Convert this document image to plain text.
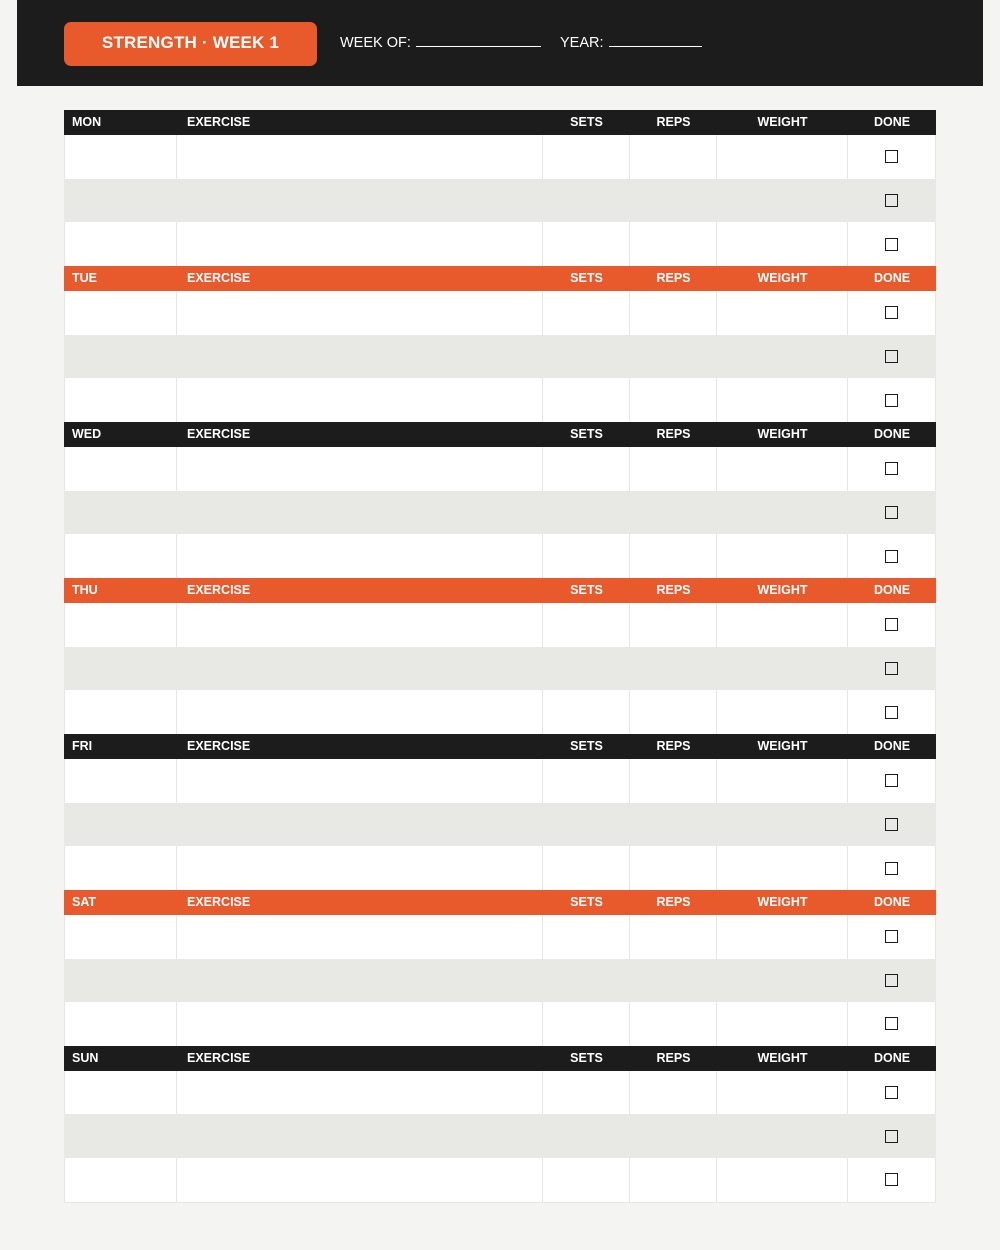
STRENGTH · WEEK 1	WEEK OF:	YEAR:
MON	EXERCISE	SETS	REPS	WEIGHT	DONE
TUE	EXERCISE	SETS	REPS	WEIGHT	DONE
WED	EXERCISE	SETS	REPS	WEIGHT	DONE
THU	EXERCISE	SETS	REPS	WEIGHT	DONE
FRI	EXERCISE	SETS	REPS	WEIGHT	DONE
SAT	EXERCISE	SETS	REPS	WEIGHT	DONE
SUN	EXERCISE	SETS	REPS	WEIGHT	DONE
